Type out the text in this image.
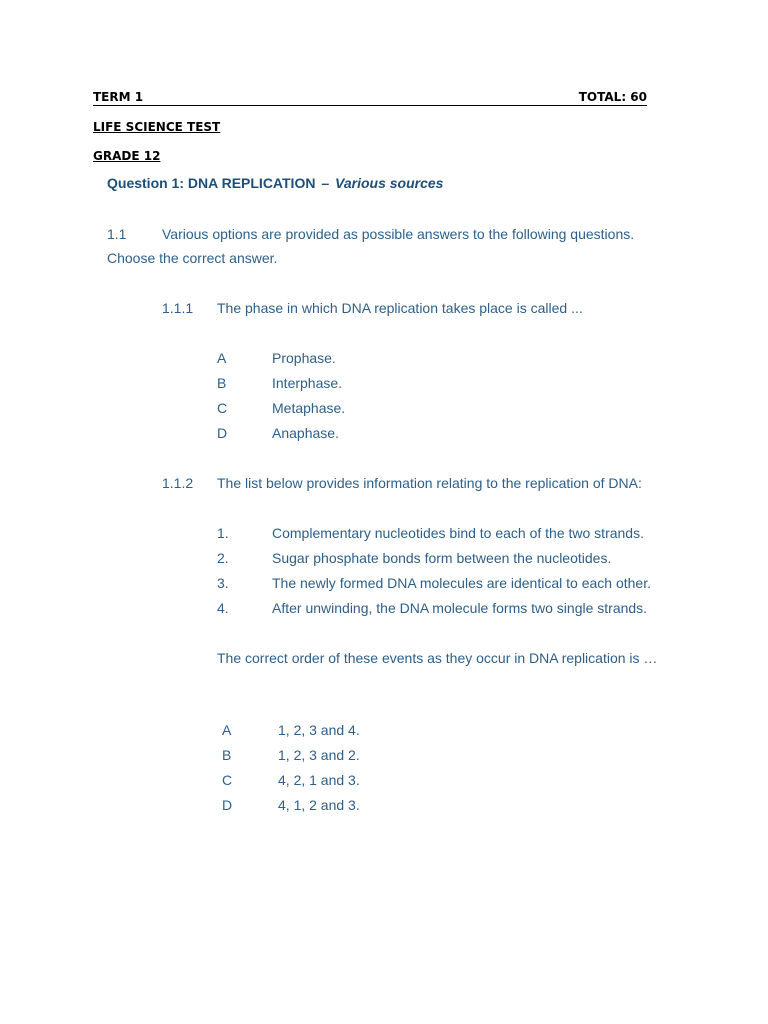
TERM 1	TOTAL: 60
LIFE SCIENCE TEST
GRADE 12
Question 1: DNA REPLICATION – Various sources
1.1	Various options are provided as possible answers to the following questions.
Choose the correct answer.
1.1.1 The phase in which DNA replication takes place is called ...
A	Prophase.
B	Interphase.
C	Metaphase.
D	Anaphase.
1.1.2 The list below provides information relating to the replication of DNA:
1.	Complementary nucleotides bind to each of the two strands.
2.	Sugar phosphate bonds form between the nucleotides.
3.	The newly formed DNA molecules are identical to each other.
4.	After unwinding, the DNA molecule forms two single strands.
The correct order of these events as they occur in DNA replication is …
A	1, 2, 3 and 4.
B	1, 2, 3 and 2.
C	4, 2, 1 and 3.
D	4, 1, 2 and 3.
